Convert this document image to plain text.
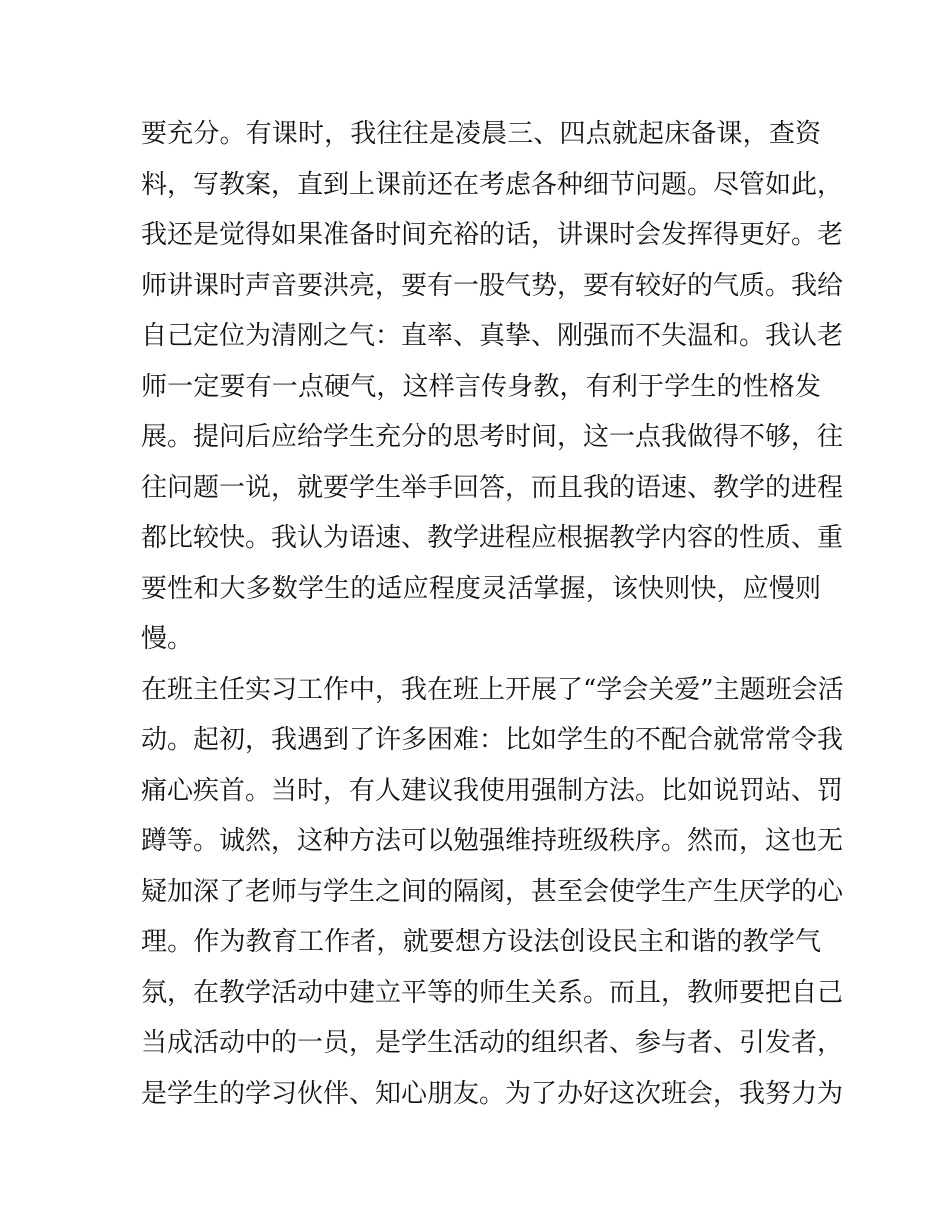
要充分。有课时，我往往是凌晨三、四点就起床备课，查资
料，写教案，直到上课前还在考虑各种细节问题。尽管如此，
我还是觉得如果准备时间充裕的话，讲课时会发挥得更好。老
师讲课时声音要洪亮，要有一股气势，要有较好的气质。我给
自己定位为清刚之气：直率、真挚、刚强而不失温和。我认老
师一定要有一点硬气，这样言传身教，有利于学生的性格发
展。提问后应给学生充分的思考时间，这一点我做得不够，往
往问题一说，就要学生举手回答，而且我的语速、教学的进程
都比较快。我认为语速、教学进程应根据教学内容的性质、重
要性和大多数学生的适应程度灵活掌握，该快则快，应慢则
慢。
在班主任实习工作中，我在班上开展了“学会关爱”主题班会活
动。起初，我遇到了许多困难：比如学生的不配合就常常令我
痛心疾首。当时，有人建议我使用强制方法。比如说罚站、罚
蹲等。诚然，这种方法可以勉强维持班级秩序。然而，这也无
疑加深了老师与学生之间的隔阂，甚至会使学生产生厌学的心
理。作为教育工作者，就要想方设法创设民主和谐的教学气
氛，在教学活动中建立平等的师生关系。而且，教师要把自己
当成活动中的一员，是学生活动的组织者、参与者、引发者，
是学生的学习伙伴、知心朋友。为了办好这次班会，我努力为
